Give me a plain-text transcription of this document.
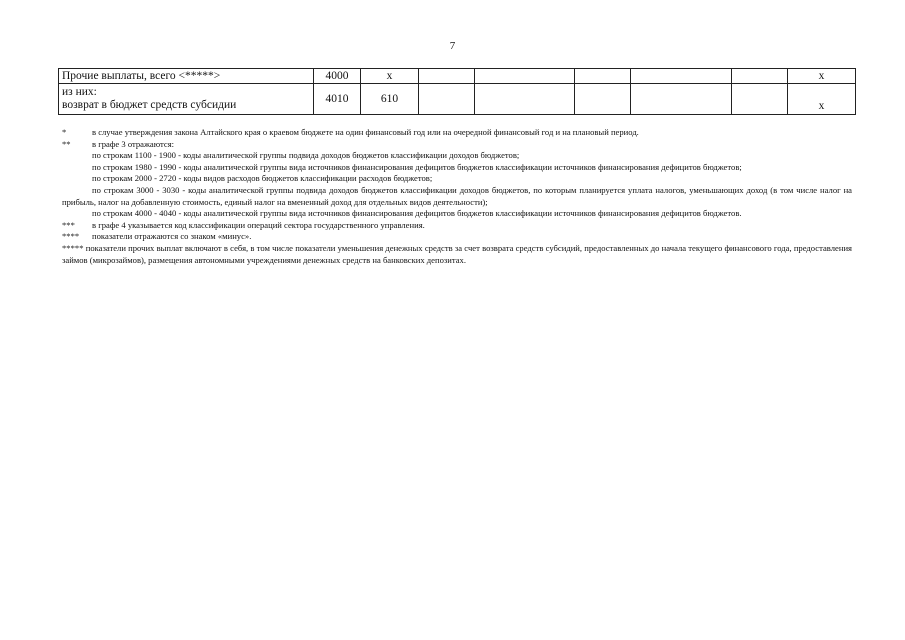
7
Прочие выплаты, всего <*****>	4000	х						х

из них:
возврат в бюджет средств субсидии	4010	610						х
*	в случае утверждения закона Алтайского края о краевом бюджете на один финансовый год или на очередной финансовый год и на плановый период.
**	в графе 3 отражаются:
по строкам 1100 - 1900 - коды аналитической группы подвида доходов бюджетов классификации доходов бюджетов;
по строкам 1980 - 1990 - коды аналитической группы вида источников финансирования дефицитов бюджетов классификации источников финансирования дефицитов бюджетов;
по строкам 2000 - 2720 - коды видов расходов бюджетов классификации расходов бюджетов;
по строкам 3000 - 3030 - коды аналитической группы подвида доходов бюджетов классификации доходов бюджетов, по которым планируется уплата налогов, уменьшающих доход (в том числе налог на прибыль, налог на добавленную стоимость, единый налог на вмененный доход для отдельных видов деятельности);
по строкам 4000 - 4040 - коды аналитической группы вида источников финансирования дефицитов бюджетов классификации источников финансирования дефицитов бюджетов.
***	в графе 4 указывается код классификации операций сектора государственного управления.
****	показатели отражаются со знаком «минус».
***** показатели прочих выплат включают в себя, в том числе показатели уменьшения денежных средств за счет возврата средств субсидий, предоставленных до начала текущего финансового года, предоставления займов (микрозаймов), размещения автономными учреждениями денежных средств на банковских депозитах.
